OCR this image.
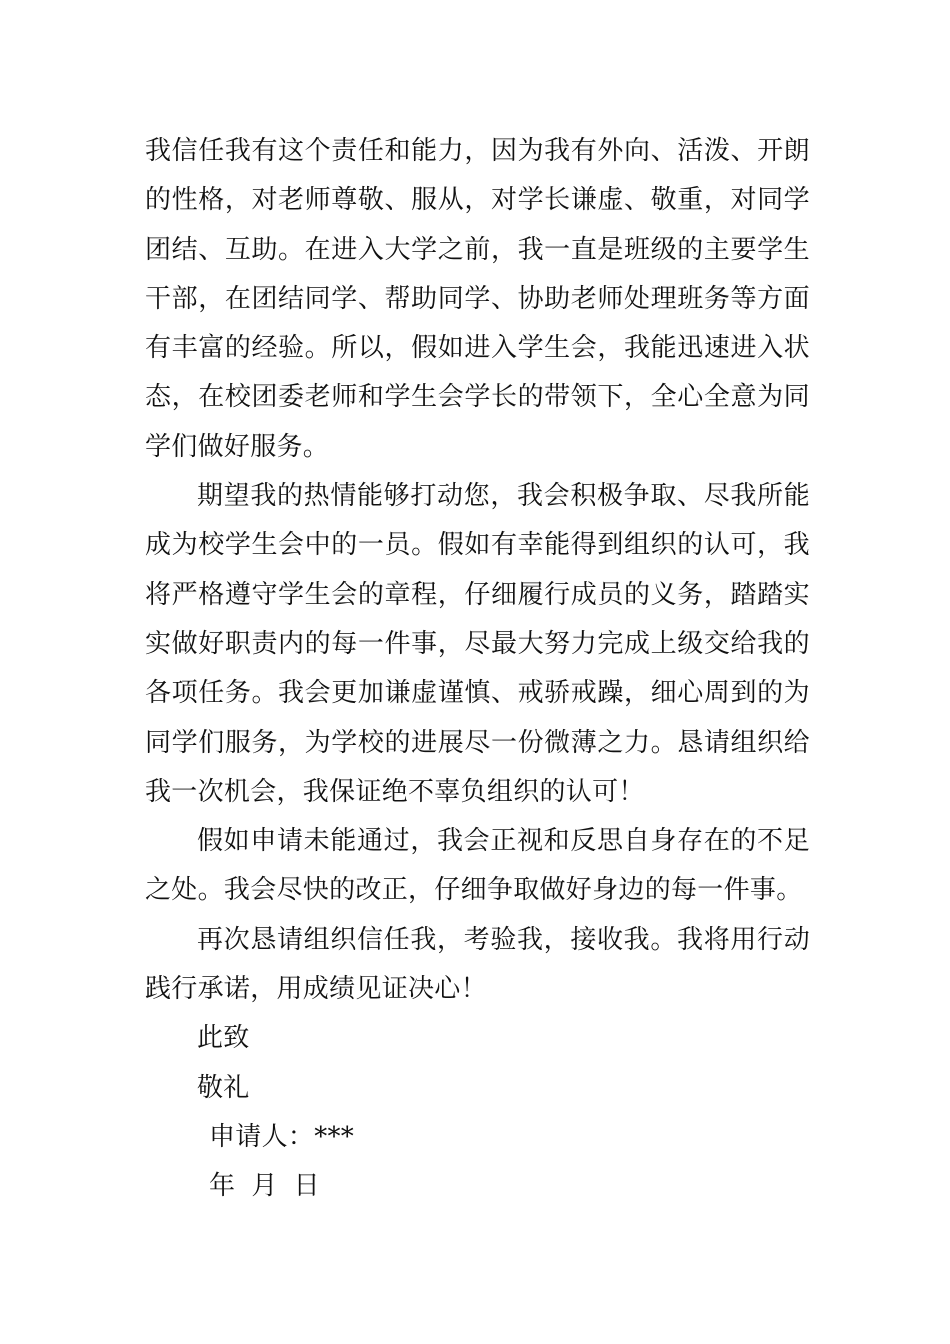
我信任我有这个责任和能力，因为我有外向、活泼、开朗的性格，对老师尊敬、服从，对学长谦虚、敬重，对同学团结、互助。在进入大学之前，我一直是班级的主要学生干部，在团结同学、帮助同学、协助老师处理班务等方面有丰富的经验。所以，假如进入学生会，我能迅速进入状态，在校团委老师和学生会学长的带领下，全心全意为同学们做好服务。

期望我的热情能够打动您，我会积极争取、尽我所能成为校学生会中的一员。假如有幸能得到组织的认可，我将严格遵守学生会的章程，仔细履行成员的义务，踏踏实实做好职责内的每一件事，尽最大努力完成上级交给我的各项任务。我会更加谦虚谨慎、戒骄戒躁，细心周到的为同学们服务，为学校的进展尽一份微薄之力。恳请组织给我一次机会，我保证绝不辜负组织的认可！

假如申请未能通过，我会正视和反思自身存在的不足之处。我会尽快的改正，仔细争取做好身边的每一件事。

再次恳请组织信任我，考验我，接收我。我将用行动践行承诺，用成绩见证决心！

此致

敬礼

申请人：***

年 月 日
